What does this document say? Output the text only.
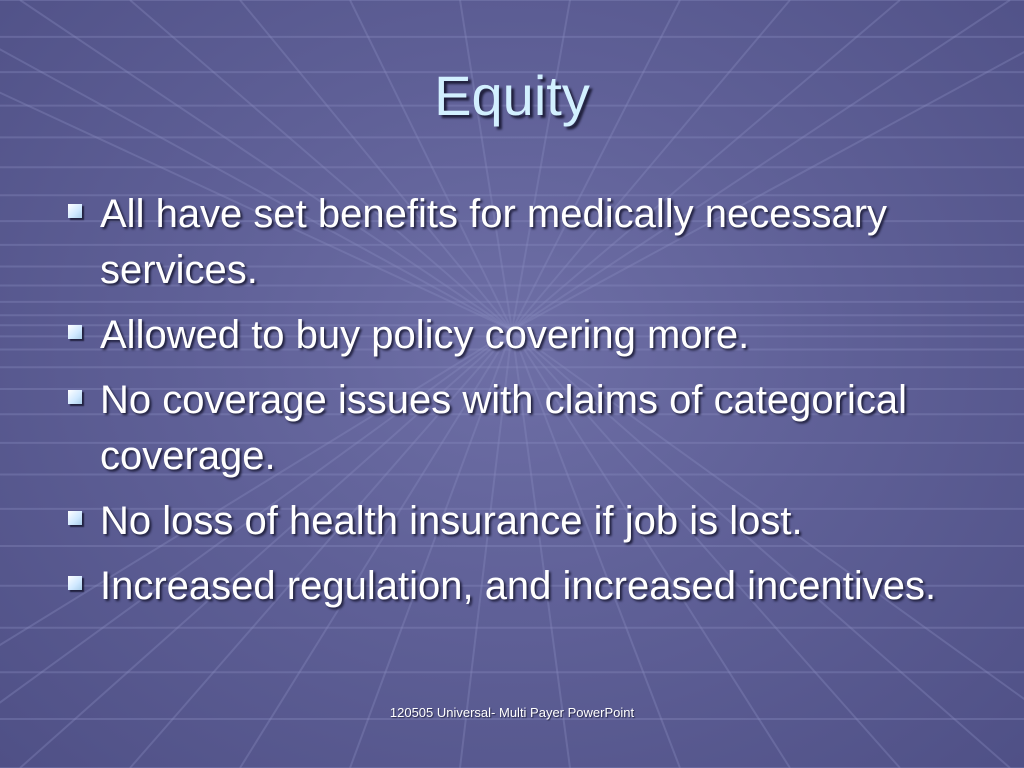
Equity
All have set benefits for medically necessary services.
Allowed to buy policy covering more.
No coverage issues with claims of categorical coverage.
No loss of health insurance if job is lost.
Increased regulation, and increased incentives.
120505 Universal- Multi Payer PowerPoint
